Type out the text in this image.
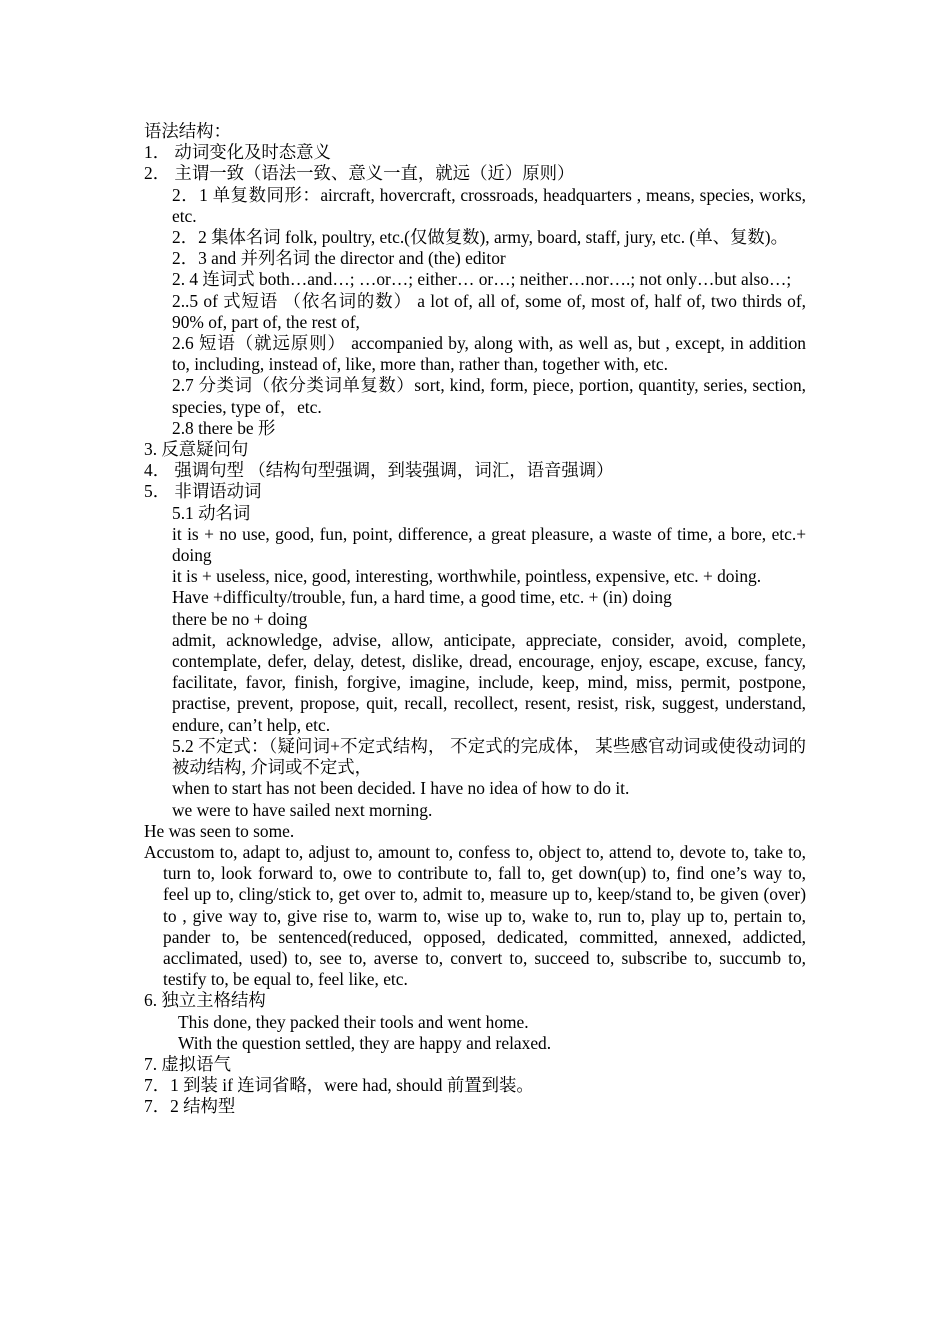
语法结构：
1． 动词变化及时态意义
2． 主谓一致（语法一致、意义一直，就远（近）原则）
2．1 单复数同形：aircraft, hovercraft, crossroads, headquarters , means, species, works, etc.
2．2 集体名词 folk, poultry, etc.(仅做复数), army, board, staff, jury, etc. (单、复数)。
2．3 and 并列名词 the director and (the) editor
2. 4 连词式 both…and…; …or…; either… or…; neither…nor….; not only…but also…;
2..5 of 式短语 （依名词的数） a lot of, all of, some of, most of, half of, two thirds of, 90% of, part of, the rest of,
2.6 短语（就远原则） accompanied by, along with, as well as, but , except, in addition to, including, instead of, like, more than, rather than, together with, etc.
2.7 分类词（依分类词单复数）sort, kind, form, piece, portion, quantity, series, section, species, type of，etc.
2.8 there be 形
3. 反意疑问句
4． 强调句型 （结构句型强调，到装强调，词汇，语音强调）
5． 非谓语动词
5.1 动名词
it is + no use, good, fun, point, difference, a great pleasure, a waste of time, a bore, etc.+ doing
it is + useless, nice, good, interesting, worthwhile, pointless, expensive, etc. + doing.
Have +difficulty/trouble, fun, a hard time, a good time, etc. + (in) doing
there be no + doing
admit, acknowledge, advise, allow, anticipate, appreciate, consider, avoid, complete, contemplate, defer, delay, detest, dislike, dread, encourage, enjoy, escape, excuse, fancy, facilitate, favor, finish, forgive, imagine, include, keep, mind, miss, permit, postpone, practise, prevent, propose, quit, recall, recollect, resent, resist, risk, suggest, understand, endure, can’t help, etc.
5.2 不定式：（疑问词+不定式结构， 不定式的完成体， 某些感官动词或使役动词的被动结构, 介词或不定式，
when to start has not been decided. I have no idea of how to do it.
we were to have sailed next morning.
He was seen to some.
Accustom to, adapt to, adjust to, amount to, confess to, object to, attend to, devote to, take to, turn to, look forward to, owe to contribute to, fall to, get down(up) to, find one’s way to, feel up to, cling/stick to, get over to, admit to, measure up to, keep/stand to, be given (over) to , give way to, give rise to, warm to, wise up to, wake to, run to, play up to, pertain to, pander to, be sentenced(reduced, opposed, dedicated, committed, annexed, addicted, acclimated, used) to, see to, averse to, convert to, succeed to, subscribe to, succumb to, testify to, be equal to, feel like, etc.
6. 独立主格结构
This done, they packed their tools and went home.
With the question settled, they are happy and relaxed.
7. 虚拟语气
7．1 到装 if 连词省略，were had, should 前置到装。
7．2 结构型
